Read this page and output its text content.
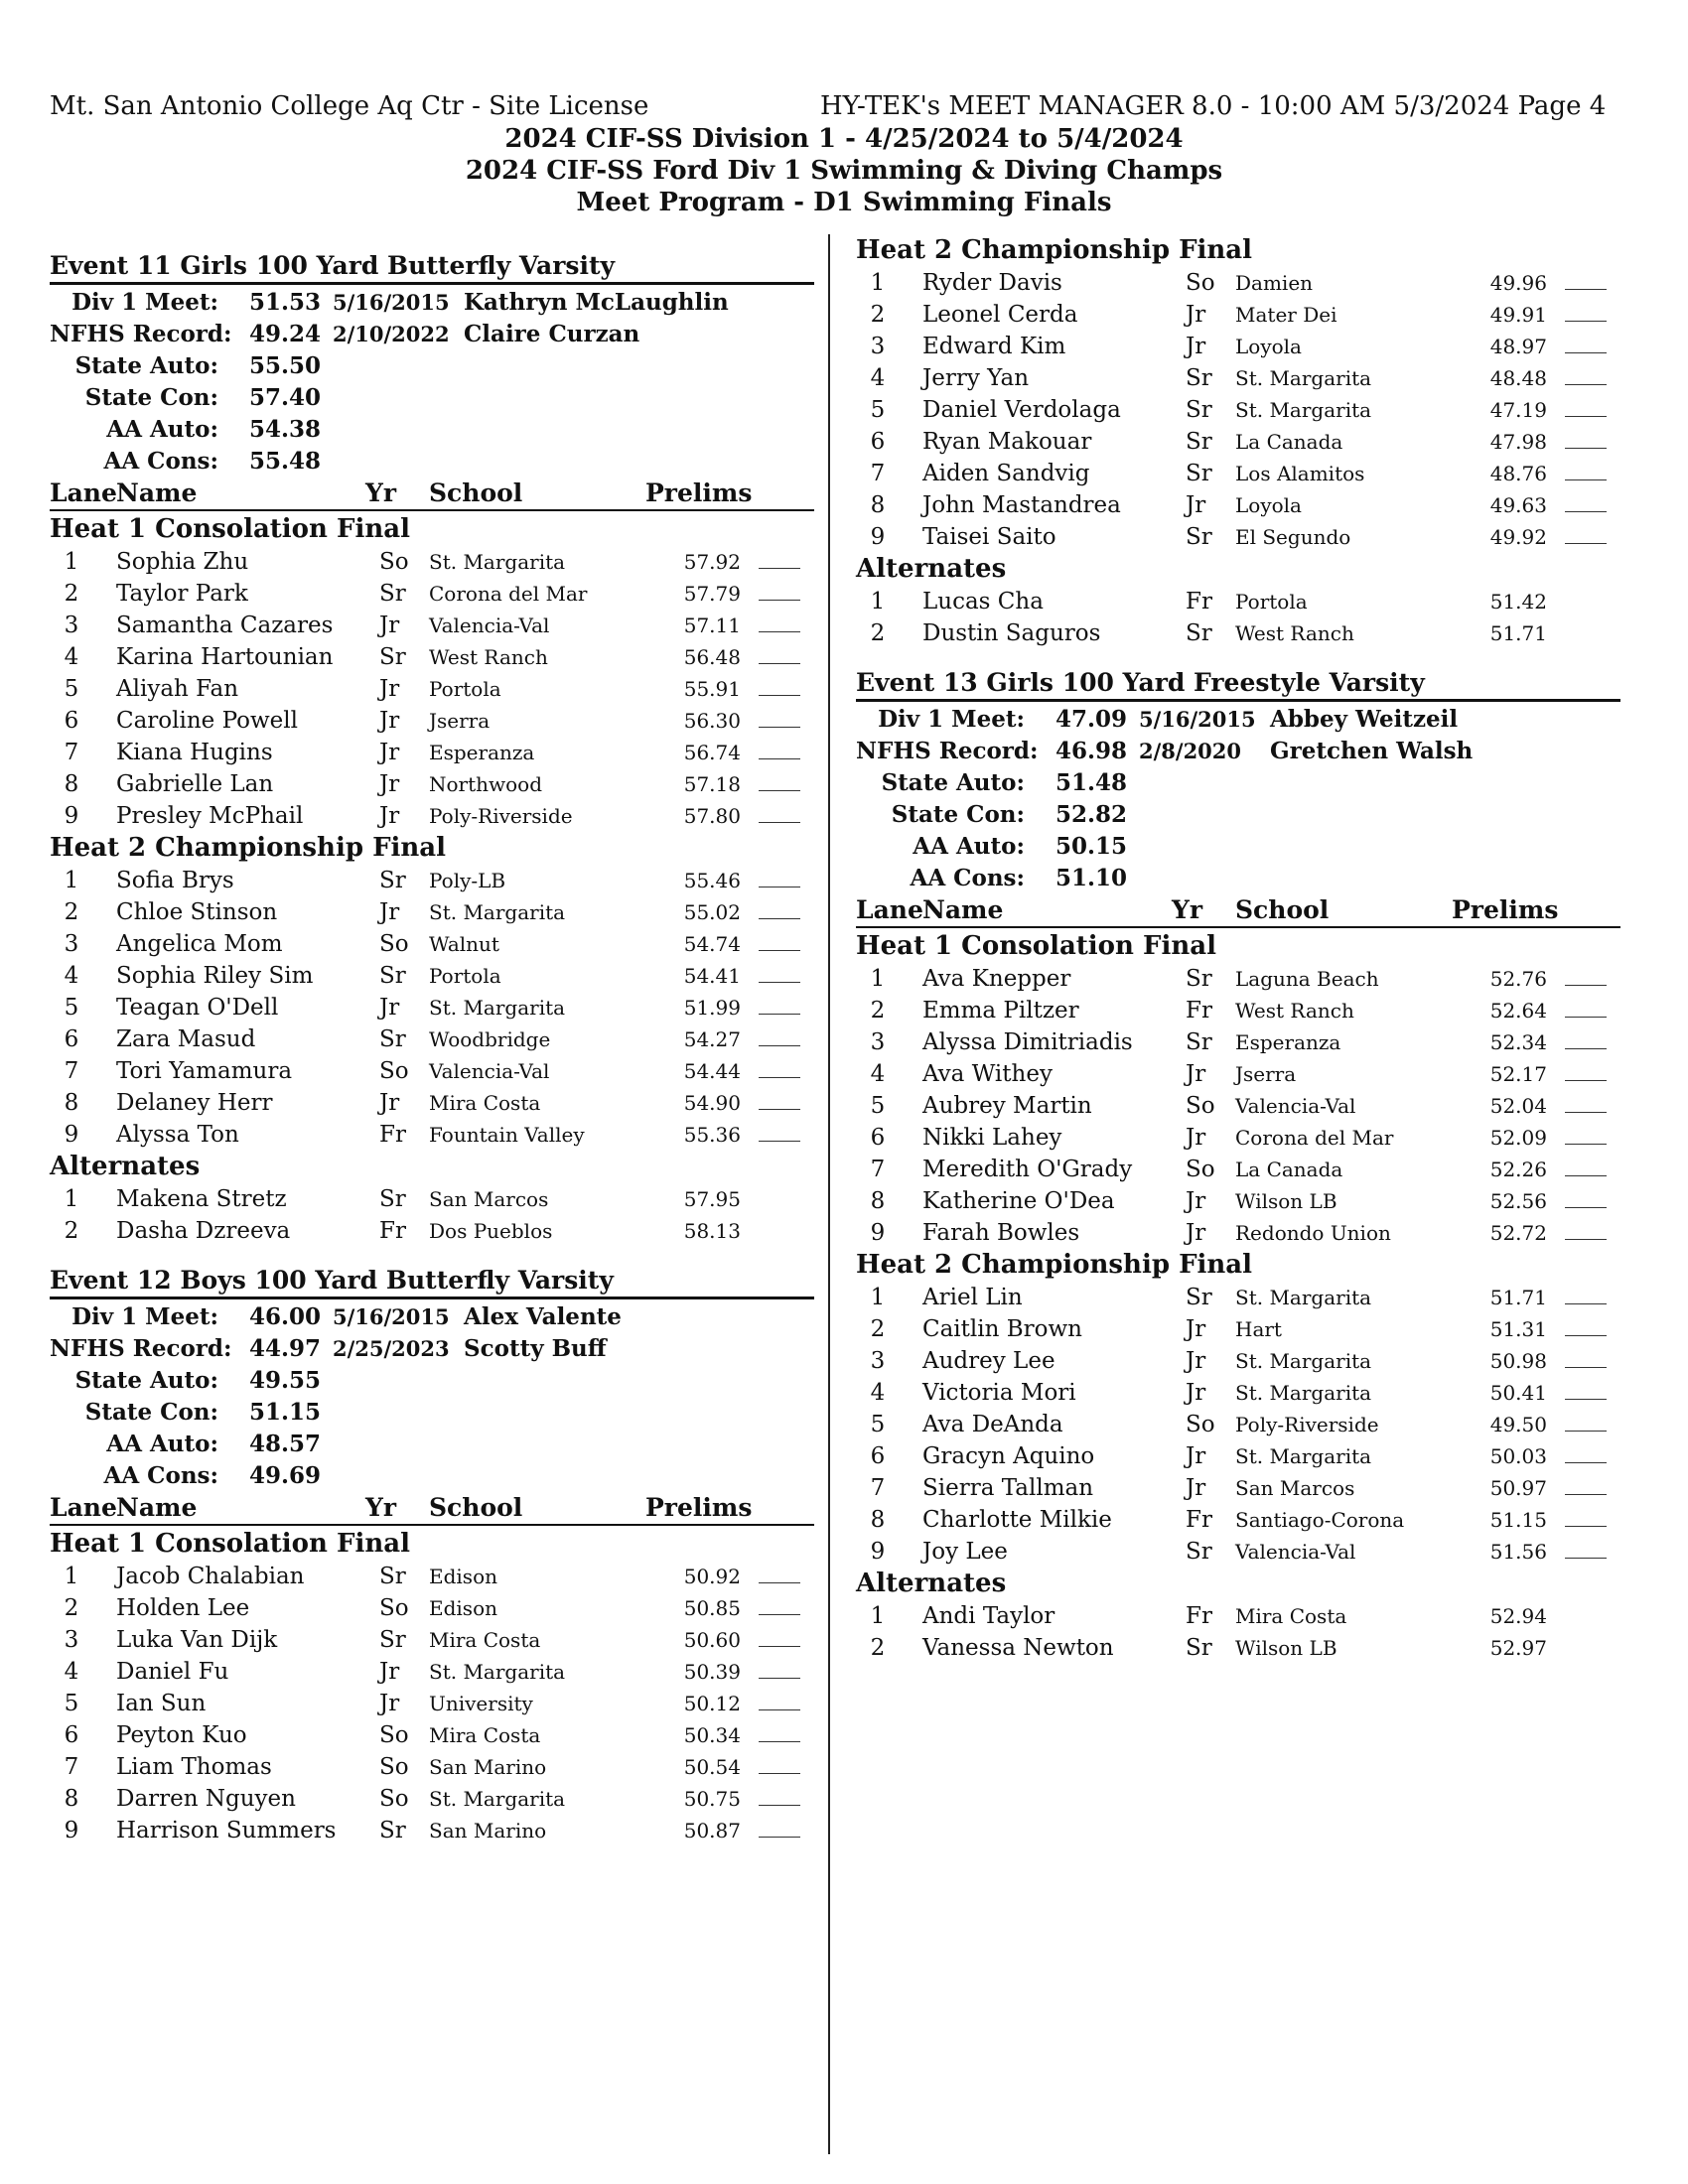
Mt. San Antonio College Aq Ctr - Site License	HY-TEK's MEET MANAGER 8.0 - 10:00 AM 5/3/2024 Page 4
2024 CIF-SS Division 1 - 4/25/2024 to 5/4/2024
2024 CIF-SS Ford Div 1 Swimming & Diving Champs
Meet Program - D1 Swimming Finals
Event 11 Girls 100 Yard Butterfly Varsity
Div 1 Meet: 51.53 5/16/2015 Kathryn McLaughlin
NFHS Record: 49.24 2/10/2022 Claire Curzan
State Auto: 55.50
State Con: 57.40
AA Auto: 54.38
AA Cons: 55.48
Lane Name	Yr School	Prelims
Heat 1 Consolation Final
1	Sophia Zhu	So St. Margarita	57.92
2	Taylor Park	Sr Corona del Mar	57.79
3	Samantha Cazares Jr Valencia-Val	57.11
4	Karina Hartounian Sr West Ranch	56.48
5	Aliyah Fan	Jr Portola	55.91
6	Caroline Powell	Jr Jserra	56.30
7	Kiana Hugins	Jr Esperanza	56.74
8	Gabrielle Lan	Jr Northwood	57.18
9	Presley McPhail	Jr Poly-Riverside	57.80
Heat 2 Championship Final
1	Sofia Brys	Sr Poly-LB	55.46
2	Chloe Stinson	Jr St. Margarita	55.02
3	Angelica Mom	So Walnut	54.74
4	Sophia Riley Sim	Sr Portola	54.41
5	Teagan O'Dell	Jr St. Margarita	51.99
6	Zara Masud	Sr Woodbridge	54.27
7	Tori Yamamura	So Valencia-Val	54.44
8	Delaney Herr	Jr Mira Costa	54.90
9	Alyssa Ton	Fr Fountain Valley	55.36
Alternates
1	Makena Stretz	Sr San Marcos	57.95
2	Dasha Dzreeva	Fr Dos Pueblos	58.13
Event 12 Boys 100 Yard Butterfly Varsity
Div 1 Meet: 46.00 5/16/2015 Alex Valente
NFHS Record: 44.97 2/25/2023 Scotty Buff
State Auto: 49.55
State Con: 51.15
AA Auto: 48.57
AA Cons: 49.69
Lane Name	Yr School	Prelims
Heat 1 Consolation Final
1	Jacob Chalabian	Sr Edison	50.92
2	Holden Lee	So Edison	50.85
3	Luka Van Dijk	Sr Mira Costa	50.60
4	Daniel Fu	Jr St. Margarita	50.39
5	Ian Sun	Jr University	50.12
6	Peyton Kuo	So Mira Costa	50.34
7	Liam Thomas	So San Marino	50.54
8	Darren Nguyen	So St. Margarita	50.75
9	Harrison Summers Sr San Marino	50.87
Heat 2 Championship Final
1	Ryder Davis	So Damien	49.96
2	Leonel Cerda	Jr Mater Dei	49.91
3	Edward Kim	Jr Loyola	48.97
4	Jerry Yan	Sr St. Margarita	48.48
5	Daniel Verdolaga	Sr St. Margarita	47.19
6	Ryan Makouar	Sr La Canada	47.98
7	Aiden Sandvig	Sr Los Alamitos	48.76
8	John Mastandrea	Jr Loyola	49.63
9	Taisei Saito	Sr El Segundo	49.92
Alternates
1	Lucas Cha	Fr Portola	51.42
2	Dustin Saguros	Sr West Ranch	51.71
Event 13 Girls 100 Yard Freestyle Varsity
Div 1 Meet: 47.09 5/16/2015 Abbey Weitzeil
NFHS Record: 46.98 2/8/2020 Gretchen Walsh
State Auto: 51.48
State Con: 52.82
AA Auto: 50.15
AA Cons: 51.10
Lane Name	Yr School	Prelims
Heat 1 Consolation Final
1	Ava Knepper	Sr Laguna Beach	52.76
2	Emma Piltzer	Fr West Ranch	52.64
3	Alyssa Dimitriadis Sr Esperanza	52.34
4	Ava Withey	Jr Jserra	52.17
5	Aubrey Martin	So Valencia-Val	52.04
6	Nikki Lahey	Jr Corona del Mar	52.09
7	Meredith O'Grady So La Canada	52.26
8	Katherine O'Dea	Jr Wilson LB	52.56
9	Farah Bowles	Jr Redondo Union	52.72
Heat 2 Championship Final
1	Ariel Lin	Sr St. Margarita	51.71
2	Caitlin Brown	Jr Hart	51.31
3	Audrey Lee	Jr St. Margarita	50.98
4	Victoria Mori	Jr St. Margarita	50.41
5	Ava DeAnda	So Poly-Riverside	49.50
6	Gracyn Aquino	Jr St. Margarita	50.03
7	Sierra Tallman	Jr San Marcos	50.97
8	Charlotte Milkie	Fr Santiago-Corona	51.15
9	Joy Lee	Sr Valencia-Val	51.56
Alternates
1	Andi Taylor	Fr Mira Costa	52.94
2	Vanessa Newton	Sr Wilson LB	52.97
